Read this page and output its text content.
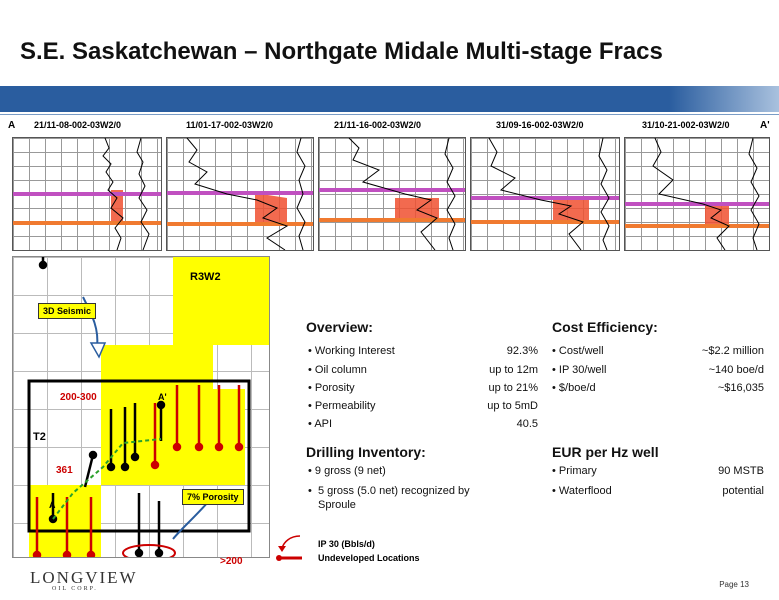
S.E. Saskatchewan – Northgate Midale Multi-stage Fracs
A	A'
21/11-08-002-03W2/0	11/01-17-002-03W2/0	21/11-16-002-03W2/0	31/09-16-002-03W2/0	31/10-21-002-03W2/0
R3W2
3D Seismic
200-300	A'
T2
361
7% Porosity
A
>200
IP 30 (Bbls/d)
Undeveloped Locations
Overview:
• Working Interest	92.3%
• Oil column	up to 12m
• Porosity	up to 21%
• Permeability	up to 5mD
• API	40.5
Drilling Inventory:
• 9 gross (9 net)
•  5 gross (5.0 net) recognized by
Sproule
Cost Efficiency:
• Cost/well	~$2.2 million
• IP 30/well	~140 boe/d
• $/boe/d	~$16,035
EUR per Hz well
• Primary	90 MSTB
• Waterflood	potential
LONGVIEW
OIL CORP.	Page 13
